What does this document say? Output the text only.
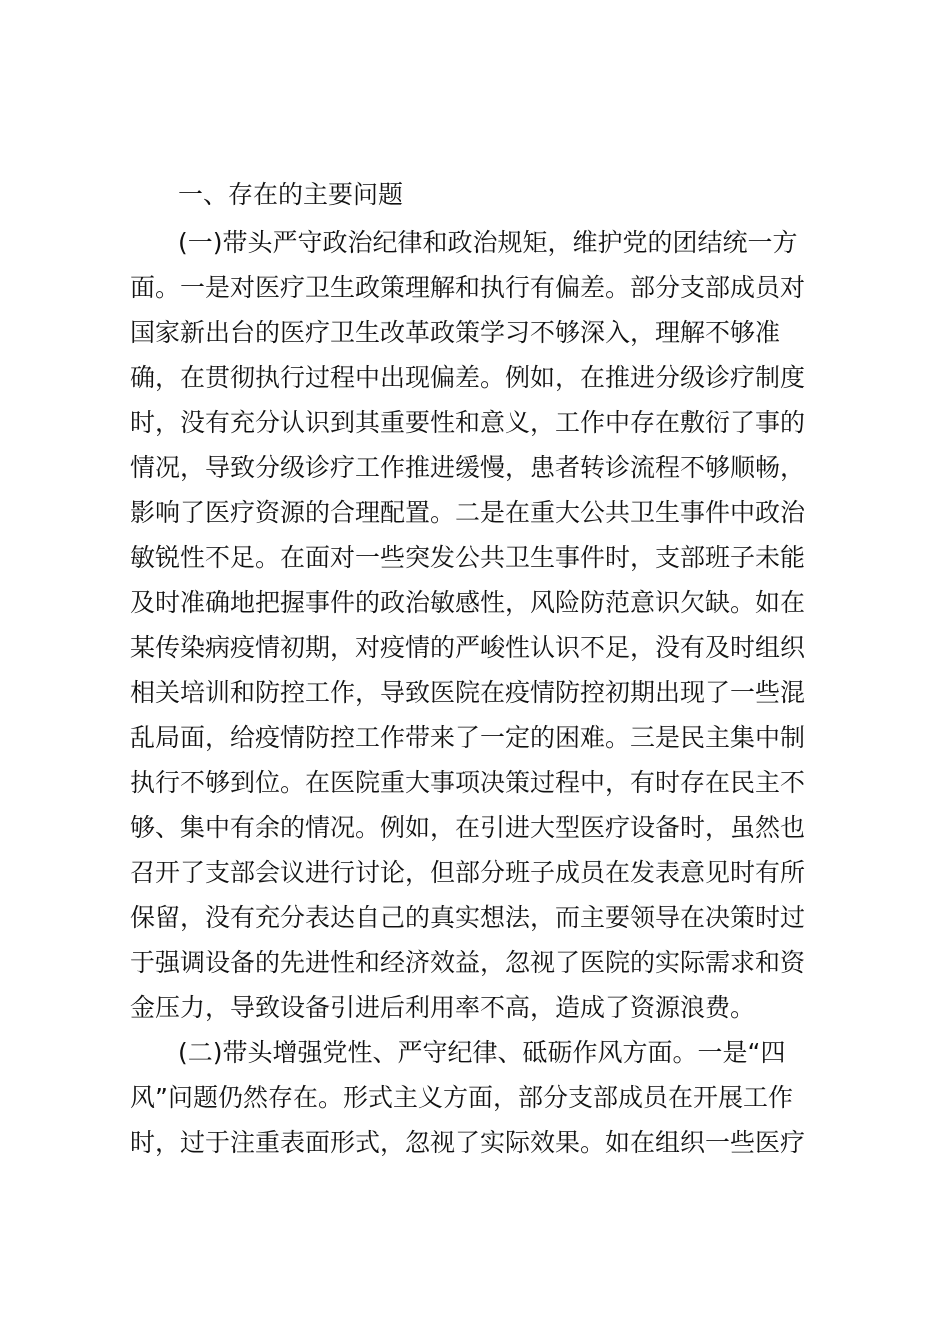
一、存在的主要问题
(一)带头严守政治纪律和政治规矩，维护党的团结统一方
面。一是对医疗卫生政策理解和执行有偏差。部分支部成员对
国家新出台的医疗卫生改革政策学习不够深入，理解不够准
确，在贯彻执行过程中出现偏差。例如，在推进分级诊疗制度
时，没有充分认识到其重要性和意义，工作中存在敷衍了事的
情况，导致分级诊疗工作推进缓慢，患者转诊流程不够顺畅，
影响了医疗资源的合理配置。二是在重大公共卫生事件中政治
敏锐性不足。在面对一些突发公共卫生事件时，支部班子未能
及时准确地把握事件的政治敏感性，风险防范意识欠缺。如在
某传染病疫情初期，对疫情的严峻性认识不足，没有及时组织
相关培训和防控工作，导致医院在疫情防控初期出现了一些混
乱局面，给疫情防控工作带来了一定的困难。三是民主集中制
执行不够到位。在医院重大事项决策过程中，有时存在民主不
够、集中有余的情况。例如，在引进大型医疗设备时，虽然也
召开了支部会议进行讨论，但部分班子成员在发表意见时有所
保留，没有充分表达自己的真实想法，而主要领导在决策时过
于强调设备的先进性和经济效益，忽视了医院的实际需求和资
金压力，导致设备引进后利用率不高，造成了资源浪费。
(二)带头增强党性、严守纪律、砥砺作风方面。一是“四
风”问题仍然存在。形式主义方面，部分支部成员在开展工作
时，过于注重表面形式，忽视了实际效果。如在组织一些医疗
